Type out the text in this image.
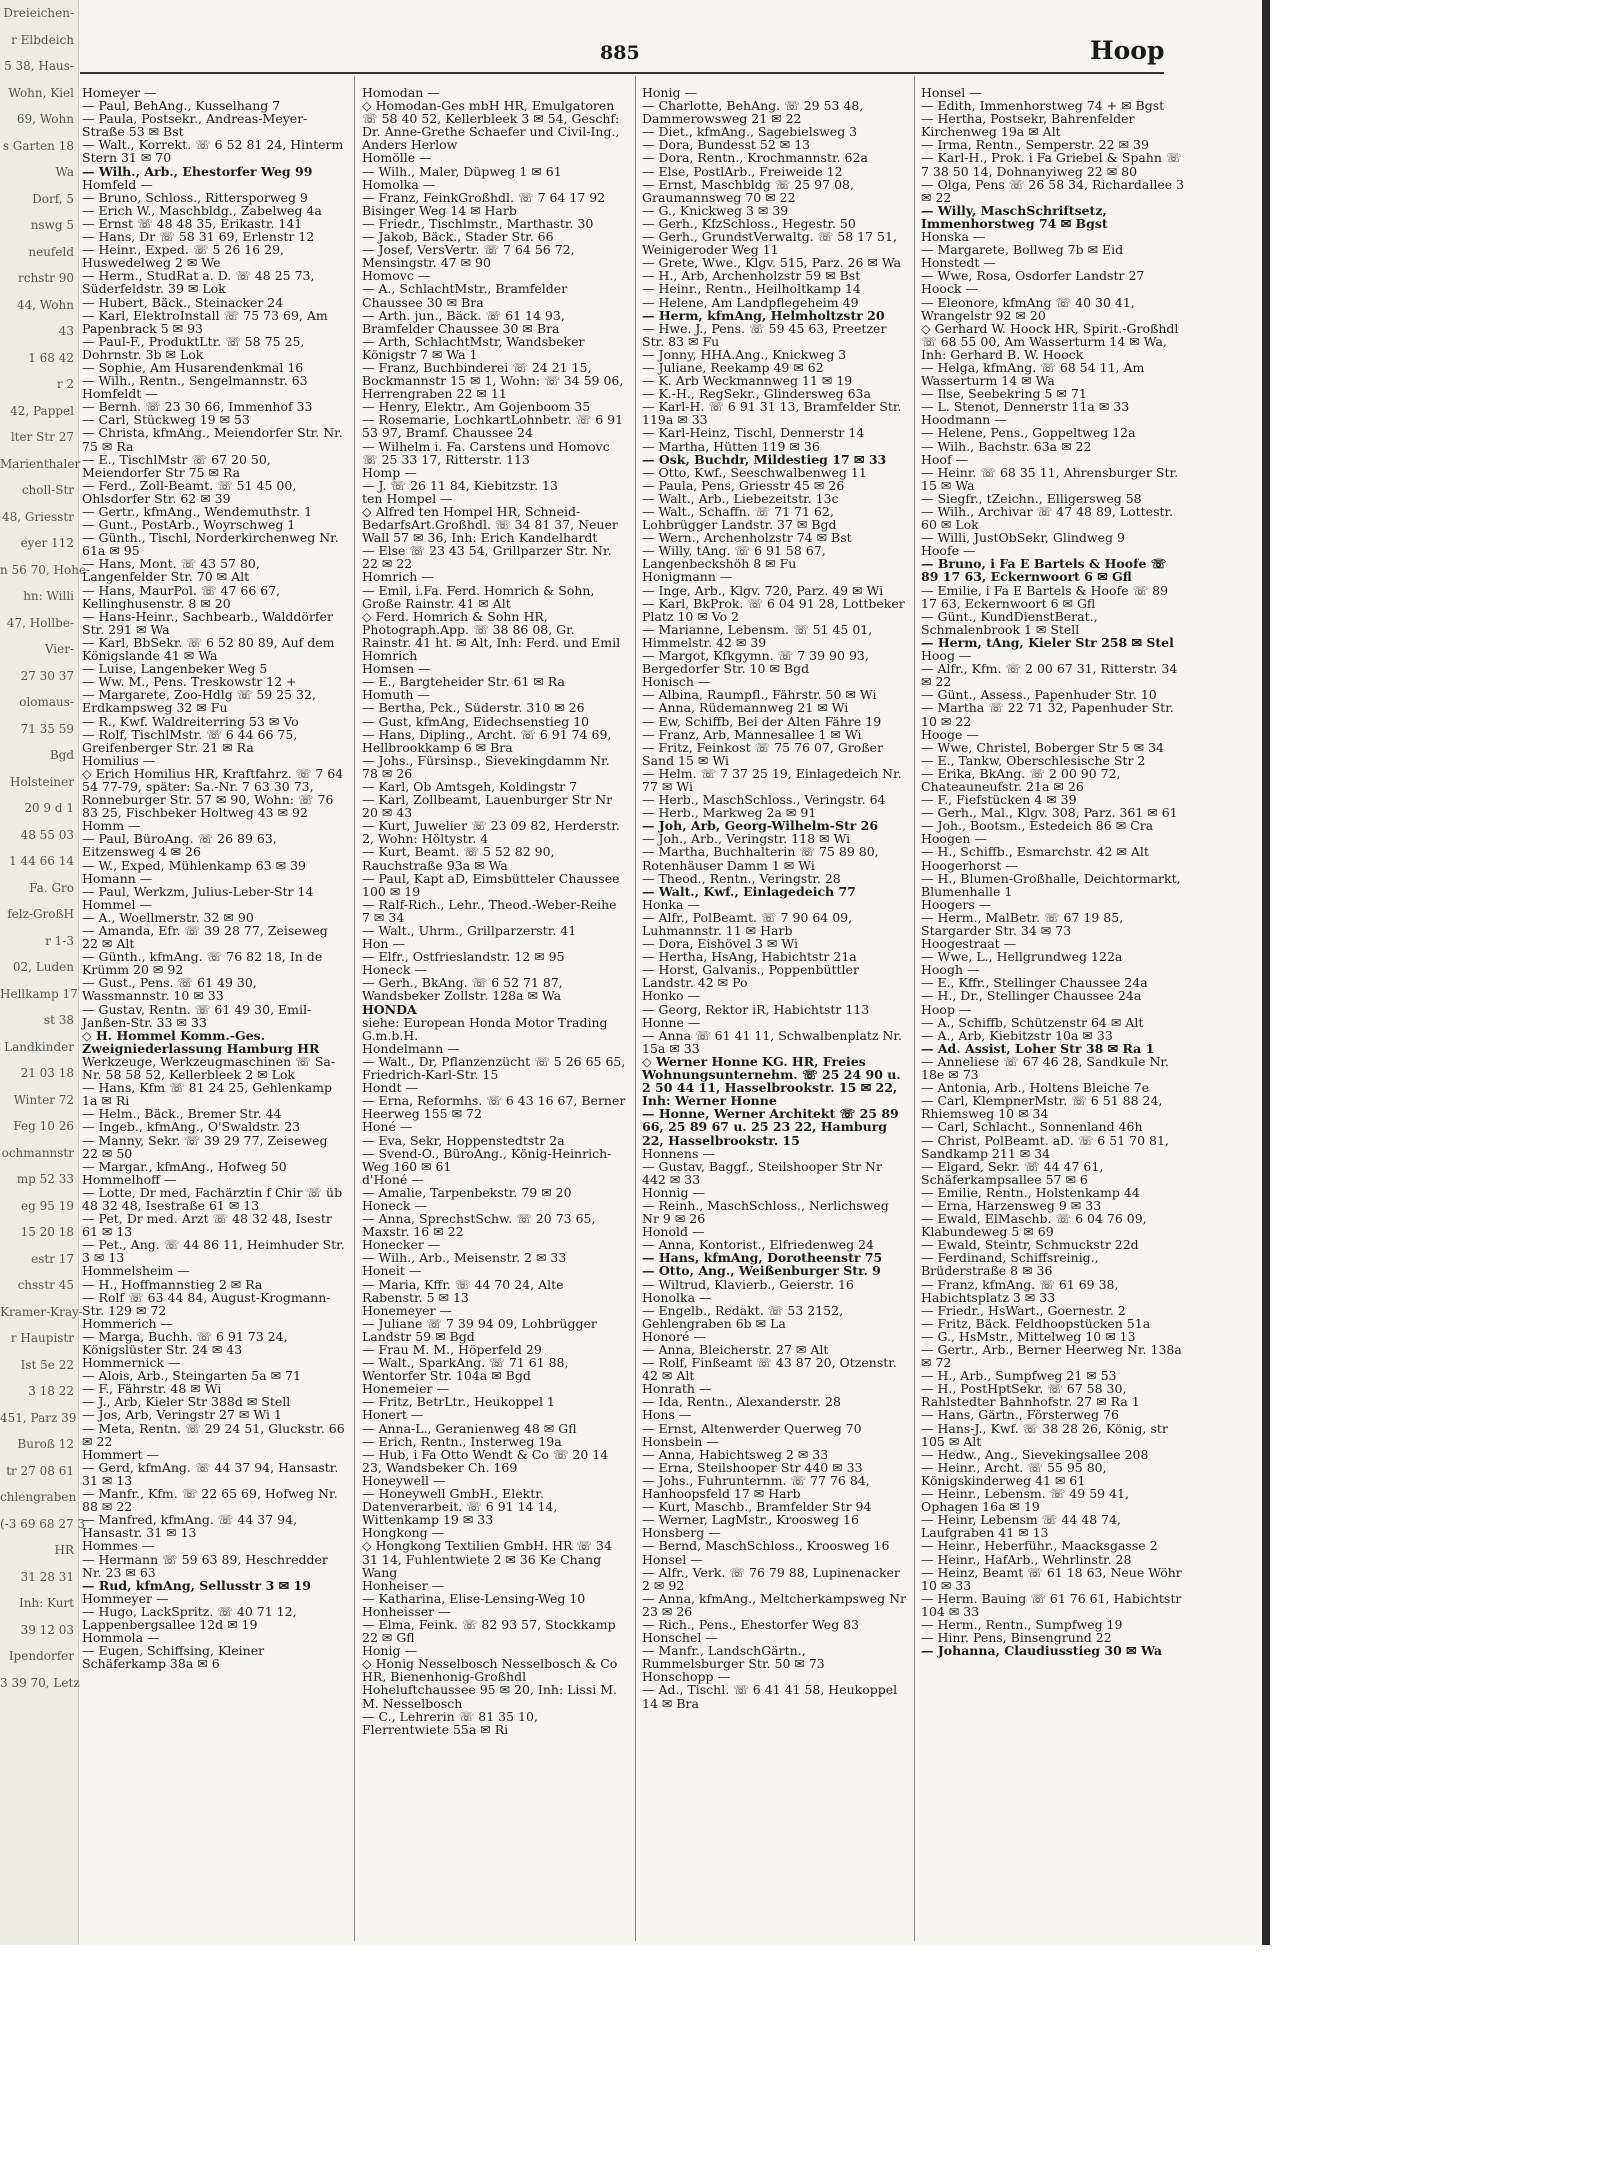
Dreieichen-
r Elbdeich
5 38, Haus-
Wohn, Kiel
69, Wohn
s Garten 18
Wa
Dorf, 5
nswg 5
neufeld
rchstr 90
44, Wohn
43
1 68 42
r 2
42, Pappel
lter Str 27
Marienthaler
choll-Str
48, Griesstr
eyer 112
n 56 70, Hohe-
hn: Willi
47, Hollbe-
Vier-
27 30 37
olomaus-
71 35 59
Bgd
Holsteiner
20 9 d 1
48 55 03
1 44 66 14
Fa. Gro
felz-GroßH
r 1-3
02, Luden
Hellkamp 17
st 38
Landkinder
21 03 18
Winter 72
Feg 10 26
ochmannstr
mp 52 33
eg 95 19
15 20 18
estr 17
chsstr 45
Kramer-Kray-
r Haupistr
Ist 5e 22
3 18 22
451, Parz 39
Buroß 12
tr 27 08 61
chlengraben
(-3 69 68 27 3
HR
31 28 31
Inh: Kurt
39 12 03
Ipendorfer
3 39 70, Letz
885	Hoop
Homeyer —
— Paul, BehAng., Kusselhang 7
— Paula, Postsekr., Andreas-Meyer-Straße 53 ✉ Bst
— Walt., Korrekt. ☏ 6 52 81 24, Hinterm Stern 31 ✉ 70
— Wilh., Arb., Ehestorfer Weg 99
Homfeld —
— Bruno, Schloss., Rittersporweg 9
— Erich W., Maschbldg., Zabelweg 4a
— Ernst ☏ 48 48 35, Erikastr. 141
— Hans, Dr ☏ 58 31 69, Erlenstr 12
— Heinr., Exped. ☏ 5 26 16 29, Huswedelweg 2 ✉ We
— Herm., StudRat a. D. ☏ 48 25 73, Süderfeldstr. 39 ✉ Lok
— Hubert, Bäck., Steinacker 24
— Karl, ElektroInstall ☏ 75 73 69, Am Papenbrack 5 ✉ 93
— Paul-F., ProduktLtr. ☏ 58 75 25, Dohrnstr. 3b ✉ Lok
— Sophie, Am Husarendenkmal 16
— Wilh., Rentn., Sengelmannstr. 63
Homfeldt —
— Bernh. ☏ 23 30 66, Immenhof 33
— Carl, Stückweg 19 ✉ 53
— Christa, kfmAng., Meiendorfer Str. Nr. 75 ✉ Ra
— E., TischlMstr ☏ 67 20 50, Meiendorfer Str 75 ✉ Ra
— Ferd., Zoll-Beamt. ☏ 51 45 00, Ohlsdorfer Str. 62 ✉ 39
— Gertr., kfmAng., Wendemuthstr. 1
— Gunt., PostArb., Woyrschweg 1
— Günth., Tischl, Norderkirchenweg Nr. 61a ✉ 95
— Hans, Mont. ☏ 43 57 80, Langenfelder Str. 70 ✉ Alt
— Hans, MaurPol. ☏ 47 66 67, Kellinghusenstr. 8 ✉ 20
— Hans-Heinr., Sachbearb., Walddörfer Str. 291 ✉ Wa
— Karl, BbSekr. ☏ 6 52 80 89, Auf dem Königslande 41 ✉ Wa
— Luise, Langenbeker Weg 5
— Ww. M., Pens. Treskowstr 12 +
— Margarete, Zoo-Hdlg ☏ 59 25 32, Erdkampsweg 32 ✉ Fu
— R., Kwf. Waldreiterring 53 ✉ Vo
— Rolf, TischlMstr. ☏ 6 44 66 75, Greifenberger Str. 21 ✉ Ra
Homilius —
◇ Erich Homilius HR, Kraftfahrz. ☏ 7 64 54 77-79, später: Sa.-Nr. 7 63 30 73, Ronneburger Str. 57 ✉ 90, Wohn: ☏ 76 83 25, Fischbeker Holtweg 43 ✉ 92
Homm —
— Paul, BüroAng. ☏ 26 89 63, Eitzensweg 4 ✉ 26
— W., Exped, Mühlenkamp 63 ✉ 39
Homann —
— Paul, Werkzm, Julius-Leber-Str 14
Hommel —
— A., Woellmerstr. 32 ✉ 90
— Amanda, Efr. ☏ 39 28 77, Zeiseweg 22 ✉ Alt
— Günth., kfmAng. ☏ 76 82 18, In de Krümm 20 ✉ 92
— Gust., Pens. ☏ 61 49 30, Wassmannstr. 10 ✉ 33
— Gustav, Rentn. ☏ 61 49 30, Emil-Janßen-Str. 33 ✉ 33
◇ H. Hommel Komm.-Ges. Zweigniederlassung Hamburg HR
Werkzeuge, Werkzeugmaschinen ☏ Sa-Nr. 58 58 52, Kellerbleek 2 ✉ Lok
— Hans, Kfm ☏ 81 24 25, Gehlenkamp 1a ✉ Ri
— Helm., Bäck., Bremer Str. 44
— Ingeb., kfmAng., O'Swaldstr. 23
— Manny, Sekr. ☏ 39 29 77, Zeiseweg 22 ✉ 50
— Margar., kfmAng., Hofweg 50
Hommelhoff —
— Lotte, Dr med, Fachärztin f Chir ☏ üb 48 32 48, Isestraße 61 ✉ 13
— Pet, Dr med. Arzt ☏ 48 32 48, Isestr 61 ✉ 13
— Pet., Ang. ☏ 44 86 11, Heimhuder Str. 3 ✉ 13
Hommelsheim —
— H., Hoffmannstieg 2 ✉ Ra
— Rolf ☏ 63 44 84, August-Krogmann-Str. 129 ✉ 72
Hommerich —
— Marga, Buchh. ☏ 6 91 73 24, Königslüster Str. 24 ✉ 43
Hommernick —
— Alois, Arb., Steingarten 5a ✉ 71
— F., Fährstr. 48 ✉ Wi
— J., Arb, Kieler Str 388d ✉ Stell
— Jos, Arb, Veringstr 27 ✉ Wi 1
— Meta, Rentn. ☏ 29 24 51, Gluckstr. 66 ✉ 22
Hommert —
— Gerd, kfmAng. ☏ 44 37 94, Hansastr. 31 ✉ 13
— Manfr., Kfm. ☏ 22 65 69, Hofweg Nr. 88 ✉ 22
— Manfred, kfmAng. ☏ 44 37 94, Hansastr. 31 ✉ 13
Hommes —
— Hermann ☏ 59 63 89, Heschredder Nr. 23 ✉ 63
— Rud, kfmAng, Sellusstr 3 ✉ 19
Hommeyer —
— Hugo, LackSpritz. ☏ 40 71 12, Lappenbergsallee 12d ✉ 19
Hommola —
— Eugen, Schiffsing, Kleiner Schäferkamp 38a ✉ 6
Homodan —
◇ Homodan-Ges mbH HR, Emulgatoren ☏ 58 40 52, Kellerbleek 3 ✉ 54, Geschf: Dr. Anne-Grethe Schaefer und Civil-Ing., Anders Herlow
Homölle —
— Wilh., Maler, Düpweg 1 ✉ 61
Homolka —
— Franz, FeinkGroßhdl. ☏ 7 64 17 92 Bisinger Weg 14 ✉ Harb
— Friedr., Tischlmstr., Marthastr. 30
— Jakob, Bäck., Stader Str. 66
— Josef, VersVertr. ☏ 7 64 56 72, Mensingstr. 47 ✉ 90
Homovc —
— A., SchlachtMstr., Bramfelder Chaussee 30 ✉ Bra
— Arth. jun., Bäck. ☏ 61 14 93, Bramfelder Chaussee 30 ✉ Bra
— Arth, SchlachtMstr, Wandsbeker Königstr 7 ✉ Wa 1
— Franz, Buchbinderei ☏ 24 21 15, Bockmannstr 15 ✉ 1, Wohn: ☏ 34 59 06, Herrengraben 22 ✉ 11
— Henry, Elektr., Am Gojenboom 35
— Rosemarie, LochkartLohnbetr. ☏ 6 91 53 97, Bramf. Chaussee 24
— Wilhelm i. Fa. Carstens und Homovc ☏ 25 33 17, Ritterstr. 113
Homp —
— J. ☏ 26 11 84, Kiebitzstr. 13
ten Hompel —
◇ Alfred ten Hompel HR, Schneid-BedarfsArt.Großhdl. ☏ 34 81 37, Neuer Wall 57 ✉ 36, Inh: Erich Kandelhardt
— Else ☏ 23 43 54, Grillparzer Str. Nr. 22 ✉ 22
Homrich —
— Emil, i.Fa. Ferd. Homrich & Sohn, Große Rainstr. 41 ✉ Alt
◇ Ferd. Homrich & Sohn HR, Photograph.App. ☏ 38 86 08, Gr. Rainstr. 41 ht. ✉ Alt, Inh: Ferd. und Emil Homrich
Homsen —
— E., Bargteheider Str. 61 ✉ Ra
Homuth —
— Bertha, Pck., Süderstr. 310 ✉ 26
— Gust, kfmAng, Eidechsenstieg 10
— Hans, Dipling., Archt. ☏ 6 91 74 69, Hellbrookkamp 6 ✉ Bra
— Johs., Fürsinsp., Sievekingdamm Nr. 78 ✉ 26
— Karl, Ob Amtsgeh, Koldingstr 7
— Karl, Zollbeamt, Lauenburger Str Nr 20 ✉ 43
— Kurt, Juwelier ☏ 23 09 82, Herderstr. 2, Wohn: Höltystr. 4
— Kurt, Beamt. ☏ 5 52 82 90, Rauchstraße 93a ✉ Wa
— Paul, Kapt aD, Eimsbütteler Chaussee 100 ✉ 19
— Ralf-Rich., Lehr., Theod.-Weber-Reihe 7 ✉ 34
— Walt., Uhrm., Grillparzerstr. 41
Hon —
— Elfr., Ostfrieslandstr. 12 ✉ 95
Honeck —
— Gerh., BkAng. ☏ 6 52 71 87, Wandsbeker Zollstr. 128a ✉ Wa
HONDA
siehe: European Honda Motor Trading G.m.b.H.
Hondelmann —
— Walt., Dr, Pflanzenzücht ☏ 5 26 65 65, Friedrich-Karl-Str. 15
Hondt —
— Erna, Reformhs. ☏ 6 43 16 67, Berner Heerweg 155 ✉ 72
Honé —
— Eva, Sekr, Hoppenstedtstr 2a
— Svend-O., BüroAng., König-Heinrich-Weg 160 ✉ 61
d'Honé —
— Amalie, Tarpenbekstr. 79 ✉ 20
Honeck —
— Anna, SprechstSchw. ☏ 20 73 65, Maxstr. 16 ✉ 22
Honecker —
— Wilh., Arb., Meisenstr. 2 ✉ 33
Honeit —
— Maria, Kffr. ☏ 44 70 24, Alte Rabenstr. 5 ✉ 13
Honemeyer —
— Juliane ☏ 7 39 94 09, Lohbrügger Landstr 59 ✉ Bgd
— Frau M. M., Höperfeld 29
— Walt., SparkAng. ☏ 71 61 88, Wentorfer Str. 104a ✉ Bgd
Honemeier —
— Fritz, BetrLtr., Heukoppel 1
Honert —
— Anna-L., Geranienweg 48 ✉ Gfl
— Erich, Rentn., Insterweg 19a
— Hub, i Fa Otto Wendt & Co ☏ 20 14 23, Wandsbeker Ch. 169
Honeywell —
— Honeywell GmbH., Elektr. Datenverarbeit. ☏ 6 91 14 14, Wittenkamp 19 ✉ 33
Hongkong —
◇ Hongkong Textilien GmbH. HR ☏ 34 31 14, Fuhlentwiete 2 ✉ 36 Ke Chang Wang
Honheiser —
— Katharina, Elise-Lensing-Weg 10
Honheisser —
— Elma, Feink. ☏ 82 93 57, Stockkamp 22 ✉ Gfl
Honig —
◇ Honig Nesselbosch Nesselbosch & Co HR, Bienenhonig-Großhdl Hoheluftchaussee 95 ✉ 20, Inh: Lissi M. M. Nesselbosch
— C., Lehrerin ☏ 81 35 10, Flerrentwiete 55a ✉ Ri
Honig —
— Charlotte, BehAng. ☏ 29 53 48, Dammerowsweg 21 ✉ 22
— Diet., kfmAng., Sagebielsweg 3
— Dora, Bundesst 52 ✉ 13
— Dora, Rentn., Krochmannstr. 62a
— Else, PostlArb., Freiweide 12
— Ernst, Maschbldg ☏ 25 97 08, Graumannsweg 70 ✉ 22
— G., Knickweg 3 ✉ 39
— Gerh., KfzSchloss., Hegestr. 50
— Gerh., GrundstVerwaltg. ☏ 58 17 51, Weinigeroder Weg 11
— Grete, Wwe., Klgv. 515, Parz. 26 ✉ Wa
— H., Arb, Archenholzstr 59 ✉ Bst
— Heinr., Rentn., Heilholtkamp 14
— Helene, Am Landpflegeheim 49
— Herm, kfmAng, Helmholtzstr 20
— Hwe. J., Pens. ☏ 59 45 63, Preetzer Str. 83 ✉ Fu
— Jonny, HHA.Ang., Knickweg 3
— Juliane, Reekamp 49 ✉ 62
— K. Arb Weckmannweg 11 ✉ 19
— K.-H., RegSekr., Glindersweg 63a
— Karl-H. ☏ 6 91 31 13, Bramfelder Str. 119a ✉ 33
— Karl-Heinz, Tischl, Dennerstr 14
— Martha, Hütten 119 ✉ 36
— Osk, Buchdr, Mildestieg 17 ✉ 33
— Otto, Kwf., Seeschwalbenweg 11
— Paula, Pens, Griesstr 45 ✉ 26
— Walt., Arb., Liebezeitstr. 13c
— Walt., Schaffn. ☏ 71 71 62, Lohbrügger Landstr. 37 ✉ Bgd
— Wern., Archenholzstr 74 ✉ Bst
— Willy, tAng. ☏ 6 91 58 67, Langenbeckshöh 8 ✉ Fu
Honigmann —
— Inge, Arb., Klgv. 720, Parz. 49 ✉ Wi
— Karl, BkProk. ☏ 6 04 91 28, Lottbeker Platz 10 ✉ Vo 2
— Marianne, Lebensm. ☏ 51 45 01, Himmelstr. 42 ✉ 39
— Margot, Kfkgymn. ☏ 7 39 90 93, Bergedorfer Str. 10 ✉ Bgd
Honisch —
— Albina, Raumpfl., Fährstr. 50 ✉ Wi
— Anna, Rüdemannweg 21 ✉ Wi
— Ew, Schiffb, Bei der Alten Fähre 19
— Franz, Arb, Mannesallee 1 ✉ Wi
— Fritz, Feinkost ☏ 75 76 07, Großer Sand 15 ✉ Wi
— Helm. ☏ 7 37 25 19, Einlagedeich Nr. 77 ✉ Wi
— Herb., MaschSchloss., Veringstr. 64
— Herb., Markweg 2a ✉ 91
— Joh, Arb, Georg-Wilhelm-Str 26
— Joh., Arb., Veringstr. 118 ✉ Wi
— Martha, Buchhalterin ☏ 75 89 80, Rotenhäuser Damm 1 ✉ Wi
— Theod., Rentn., Veringstr. 28
— Walt., Kwf., Einlagedeich 77
Honka —
— Alfr., PolBeamt. ☏ 7 90 64 09, Luhmannstr. 11 ✉ Harb
— Dora, Eishövel 3 ✉ Wi
— Hertha, HsAng, Habichtstr 21a
— Horst, Galvanis., Poppenbüttler Landstr. 42 ✉ Po
Honko —
— Georg, Rektor iR, Habichtstr 113
Honne —
— Anna ☏ 61 41 11, Schwalbenplatz Nr. 15a ✉ 33
◇ Werner Honne KG. HR, Freies Wohnungsunternehm. ☏ 25 24 90 u. 2 50 44 11, Hasselbrookstr. 15 ✉ 22, Inh: Werner Honne
— Honne, Werner Architekt ☏ 25 89 66, 25 89 67 u. 25 23 22, Hamburg 22, Hasselbrookstr. 15
Honnens —
— Gustav, Baggf., Steilshooper Str Nr 442 ✉ 33
Honnig —
— Reinh., MaschSchloss., Nerlichsweg Nr 9 ✉ 26
Honold —
— Anna, Kontorist., Elfriedenweg 24
— Hans, kfmAng, Dorotheenstr 75
— Otto, Ang., Weißenburger Str. 9
— Wiltrud, Klavierb., Geierstr. 16
Honolka —
— Engelb., Redakt. ☏ 53 2152, Gehlengraben 6b ✉ La
Honoré —
— Anna, Bleicherstr. 27 ✉ Alt
— Rolf, Finßeamt ☏ 43 87 20, Otzenstr. 42 ✉ Alt
Honrath —
— Ida, Rentn., Alexanderstr. 28
Hons —
— Ernst, Altenwerder Querweg 70
Honsbein —
— Anna, Habichtsweg 2 ✉ 33
— Erna, Steilshooper Str 440 ✉ 33
— Johs., Fuhrunternm. ☏ 77 76 84, Hanhoopsfeld 17 ✉ Harb
— Kurt, Maschb., Bramfelder Str 94
— Werner, LagMstr., Kroosweg 16
Honsberg —
— Bernd, MaschSchloss., Kroosweg 16
Honsel —
— Alfr., Verk. ☏ 76 79 88, Lupinenacker 2 ✉ 92
— Anna, kfmAng., Meltcherkampsweg Nr 23 ✉ 26
— Rich., Pens., Ehestorfer Weg 83
Honschel —
— Manfr., LandschGärtn., Rummelsburger Str. 50 ✉ 73
Honschopp —
— Ad., Tischl. ☏ 6 41 41 58, Heukoppel 14 ✉ Bra
Honsel —
— Edith, Immenhorstweg 74 + ✉ Bgst
— Hertha, Postsekr, Bahrenfelder Kirchenweg 19a ✉ Alt
— Irma, Rentn., Semperstr. 22 ✉ 39
— Karl-H., Prok. i Fa Griebel & Spahn ☏ 7 38 50 14, Dohnanyiweg 22 ✉ 80
— Olga, Pens ☏ 26 58 34, Richardallee 3 ✉ 22
— Willy, MaschSchriftsetz, Immenhorstweg 74 ✉ Bgst
Honska —
— Margarete, Bollweg 7b ✉ Eid
Honstedt —
— Wwe, Rosa, Osdorfer Landstr 27
Hoock —
— Eleonore, kfmAng ☏ 40 30 41, Wrangelstr 92 ✉ 20
◇ Gerhard W. Hoock HR, Spirit.-Großhdl ☏ 68 55 00, Am Wasserturm 14 ✉ Wa, Inh: Gerhard B. W. Hoock
— Helga, kfmAng. ☏ 68 54 11, Am Wasserturm 14 ✉ Wa
— Ilse, Seebekring 5 ✉ 71
— L. Stenot, Dennerstr 11a ✉ 33
Hoodmann —
— Helene, Pens., Goppeltweg 12a
— Wilh., Bachstr. 63a ✉ 22
Hoof —
— Heinr. ☏ 68 35 11, Ahrensburger Str. 15 ✉ Wa
— Siegfr., tZeichn., Elligersweg 58
— Wilh., Archivar ☏ 47 48 89, Lottestr. 60 ✉ Lok
— Willi, JustObSekr, Glindweg 9
Hoofe —
— Bruno, i Fa E Bartels & Hoofe ☏ 89 17 63, Eckernwoort 6 ✉ Gfl
— Emilie, i Fa E Bartels & Hoofe ☏ 89 17 63, Eckernwoort 6 ✉ Gfl
— Günt., KundDienstBerat., Schmalenbrook 1 ✉ Stell
— Herm, tAng, Kieler Str 258 ✉ Stel
Hoog —
— Alfr., Kfm. ☏ 2 00 67 31, Ritterstr. 34 ✉ 22
— Günt., Assess., Papenhuder Str. 10
— Martha ☏ 22 71 32, Papenhuder Str. 10 ✉ 22
Hooge —
— Wwe, Christel, Boberger Str 5 ✉ 34
— E., Tankw, Oberschlesische Str 2
— Erika, BkAng. ☏ 2 00 90 72, Chateauneufstr. 21a ✉ 26
— F., Fiefstücken 4 ✉ 39
— Gerh., Mal., Klgv. 308, Parz. 361 ✉ 61
— Joh., Bootsm., Estedeich 86 ✉ Cra
Hoogen —
— H., Schiffb., Esmarchstr. 42 ✉ Alt
Hoogerhorst —
— H., Blumen-Großhalle, Deichtormarkt, Blumenhalle 1
Hoogers —
— Herm., MalBetr. ☏ 67 19 85, Stargarder Str. 34 ✉ 73
Hoogestraat —
— Wwe, L., Hellgrundweg 122a
Hoogh —
— E., Kffr., Stellinger Chaussee 24a
— H., Dr., Stellinger Chaussee 24a
Hoop —
— A., Schiffb, Schützenstr 64 ✉ Alt
— A., Arb, Kiebitzstr 10a ✉ 33
— Ad. Assist, Loher Str 38 ✉ Ra 1
— Anneliese ☏ 67 46 28, Sandkule Nr. 18e ✉ 73
— Antonia, Arb., Holtens Bleiche 7e
— Carl, KlempnerMstr. ☏ 6 51 88 24, Rhiemsweg 10 ✉ 34
— Carl, Schlacht., Sonnenland 46h
— Christ, PolBeamt. aD. ☏ 6 51 70 81, Sandkamp 211 ✉ 34
— Elgard, Sekr. ☏ 44 47 61, Schäferkampsallee 57 ✉ 6
— Emilie, Rentn., Holstenkamp 44
— Erna, Harzensweg 9 ✉ 33
— Ewald, ElMaschb. ☏ 6 04 76 09, Klabundeweg 5 ✉ 69
— Ewald, Steintr, Schmuckstr 22d
— Ferdinand, Schiffsreinig., Brüderstraße 8 ✉ 36
— Franz, kfmAng. ☏ 61 69 38, Habichtsplatz 3 ✉ 33
— Friedr., HsWart., Goernestr. 2
— Fritz, Bäck. Feldhoopstücken 51a
— G., HsMstr., Mittelweg 10 ✉ 13
— Gertr., Arb., Berner Heerweg Nr. 138a ✉ 72
— H., Arb., Sumpfweg 21 ✉ 53
— H., PostHptSekr. ☏ 67 58 30, Rahlstedter Bahnhofstr. 27 ✉ Ra 1
— Hans, Gärtn., Försterweg 76
— Hans-J., Kwf. ☏ 38 28 26, König, str 105 ✉ Alt
— Hedw., Ang., Sievekingsallee 208
— Heinr., Archt. ☏ 55 95 80, Königskinderweg 41 ✉ 61
— Heinr., Lebensm. ☏ 49 59 41, Ophagen 16a ✉ 19
— Heinr, Lebensm ☏ 44 48 74, Laufgraben 41 ✉ 13
— Heinr., Heberführ., Maacksgasse 2
— Heinr., HafArb., Wehrlinstr. 28
— Heinz, Beamt ☏ 61 18 63, Neue Wöhr 10 ✉ 33
— Herm. Bauing ☏ 61 76 61, Habichtstr 104 ✉ 33
— Herm., Rentn., Sumpfweg 19
— Hinr. Pens, Binsengrund 22
— Johanna, Claudiusstieg 30 ✉ Wa
